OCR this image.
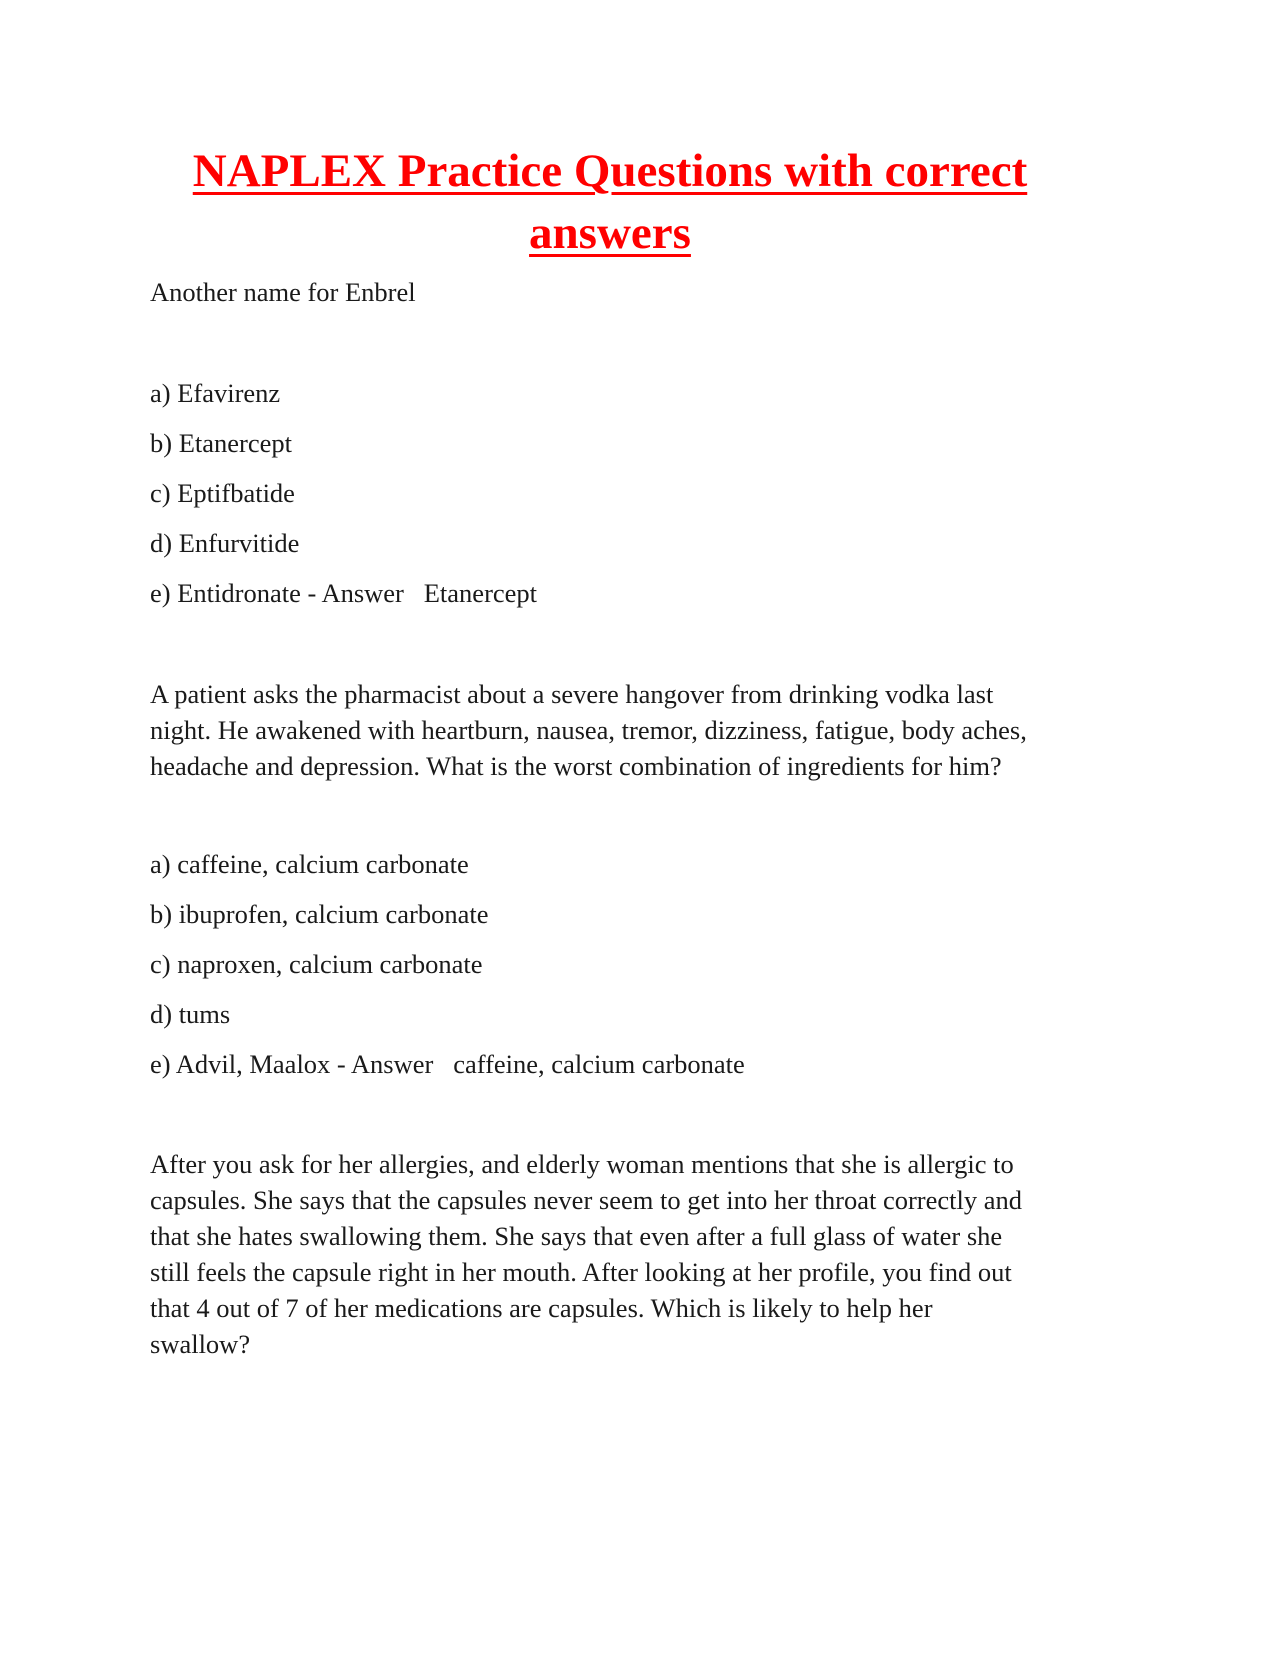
NAPLEX Practice Questions with correct
answers

Another name for Enbrel

a) Efavirenz

b) Etanercept

c) Eptifbatide

d) Enfurvitide

e) Entidronate - Answer   Etanercept

A patient asks the pharmacist about a severe hangover from drinking vodka last

night. He awakened with heartburn, nausea, tremor, dizziness, fatigue, body aches,

headache and depression. What is the worst combination of ingredients for him?

a) caffeine, calcium carbonate

b) ibuprofen, calcium carbonate

c) naproxen, calcium carbonate

d) tums

e) Advil, Maalox - Answer   caffeine, calcium carbonate

After you ask for her allergies, and elderly woman mentions that she is allergic to

capsules. She says that the capsules never seem to get into her throat correctly and

that she hates swallowing them. She says that even after a full glass of water she

still feels the capsule right in her mouth. After looking at her profile, you find out

that 4 out of 7 of her medications are capsules. Which is likely to help her

swallow?
